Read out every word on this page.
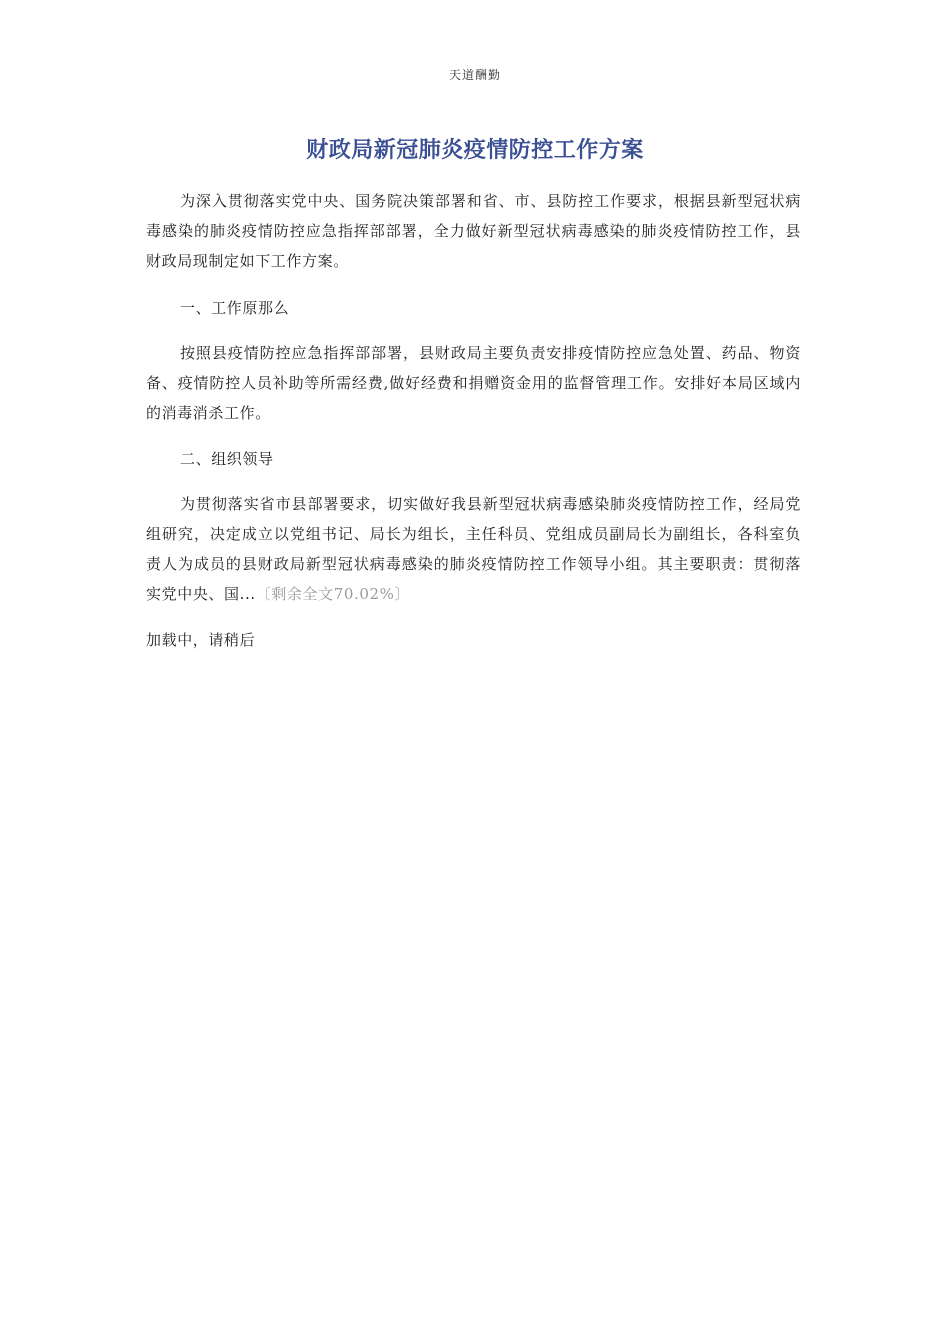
天道酬勤
财政局新冠肺炎疫情防控工作方案
为深入贯彻落实党中央、国务院决策部署和省、市、县防控工作要求，根据县新型冠状病毒感染的肺炎疫情防控应急指挥部部署，全力做好新型冠状病毒感染的肺炎疫情防控工作，县财政局现制定如下工作方案。
一、工作原那么
按照县疫情防控应急指挥部部署，县财政局主要负责安排疫情防控应急处置、药品、物资备、疫情防控人员补助等所需经费,做好经费和捐赠资金用的监督管理工作。安排好本局区域内的消毒消杀工作。
二、组织领导
为贯彻落实省市县部署要求，切实做好我县新型冠状病毒感染肺炎疫情防控工作，经局党组研究，决定成立以党组书记、局长为组长，主任科员、党组成员副局长为副组长，各科室负责人为成员的县财政局新型冠状病毒感染的肺炎疫情防控工作领导小组。其主要职责：贯彻落实党中央、国...〔剩余全文70.02%〕
加载中，请稍后
